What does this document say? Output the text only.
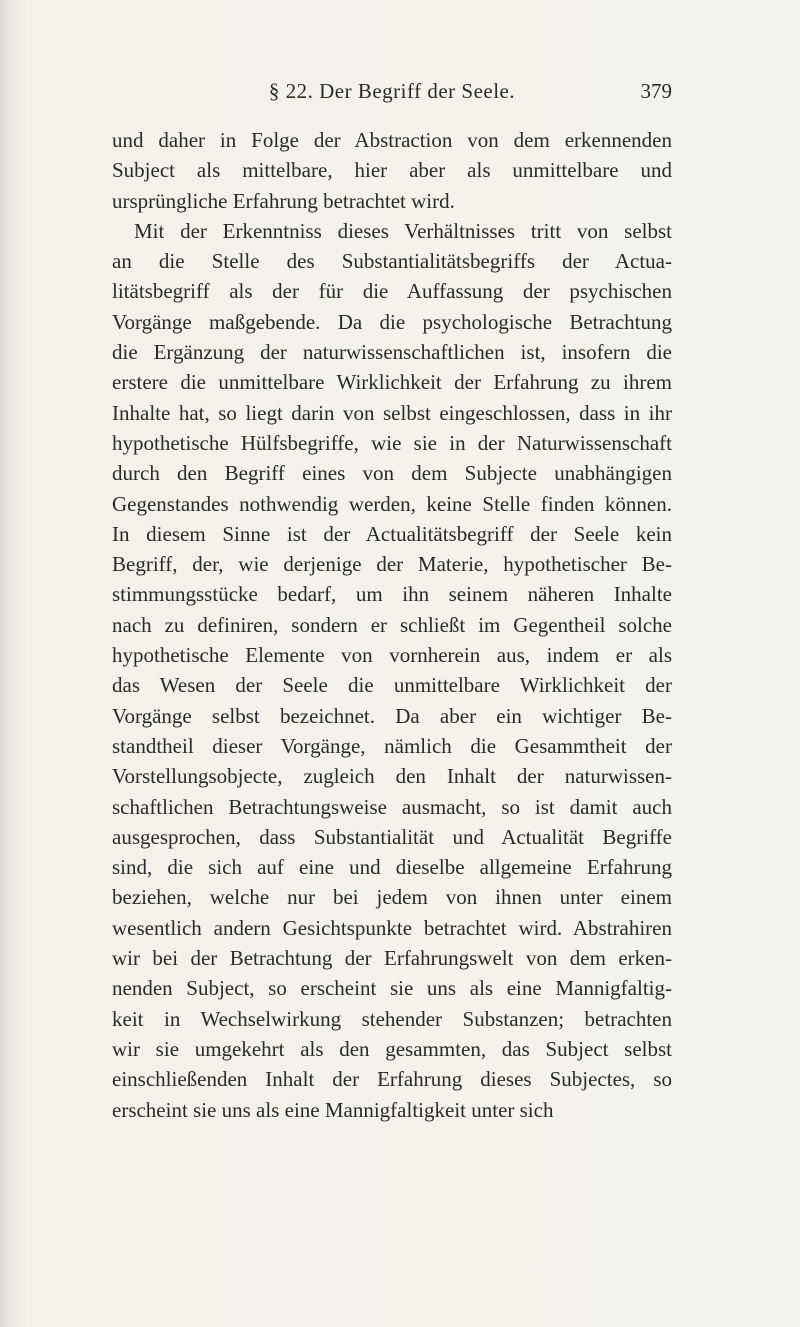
§ 22. Der Begriff der Seele.	379
und daher in Folge der Abstraction von dem erkennenden
Subject als mittelbare, hier aber als unmittelbare und
ursprüngliche Erfahrung betrachtet wird.
Mit der Erkenntniss dieses Verhältnisses tritt von selbst
an die Stelle des Substantialitätsbegriffs der Actua-
litätsbegriff als der für die Auffassung der psychischen
Vorgänge maßgebende. Da die psychologische Betrachtung
die Ergänzung der naturwissenschaftlichen ist, insofern die
erstere die unmittelbare Wirklichkeit der Erfahrung zu ihrem
Inhalte hat, so liegt darin von selbst eingeschlossen, dass in ihr
hypothetische Hülfsbegriffe, wie sie in der Naturwissenschaft
durch den Begriff eines von dem Subjecte unabhängigen
Gegenstandes nothwendig werden, keine Stelle finden können.
In diesem Sinne ist der Actualitätsbegriff der Seele kein
Begriff, der, wie derjenige der Materie, hypothetischer Be-
stimmungsstücke bedarf, um ihn seinem näheren Inhalte
nach zu definiren, sondern er schließt im Gegentheil solche
hypothetische Elemente von vornherein aus, indem er als
das Wesen der Seele die unmittelbare Wirklichkeit der
Vorgänge selbst bezeichnet. Da aber ein wichtiger Be-
standtheil dieser Vorgänge, nämlich die Gesammtheit der
Vorstellungsobjecte, zugleich den Inhalt der naturwissen-
schaftlichen Betrachtungsweise ausmacht, so ist damit auch
ausgesprochen, dass Substantialität und Actualität Begriffe
sind, die sich auf eine und dieselbe allgemeine Erfahrung
beziehen, welche nur bei jedem von ihnen unter einem
wesentlich andern Gesichtspunkte betrachtet wird. Abstrahiren
wir bei der Betrachtung der Erfahrungswelt von dem erken-
nenden Subject, so erscheint sie uns als eine Mannigfaltig-
keit in Wechselwirkung stehender Substanzen; betrachten
wir sie umgekehrt als den gesammten, das Subject selbst
einschließenden Inhalt der Erfahrung dieses Subjectes, so
erscheint sie uns als eine Mannigfaltigkeit unter sich
